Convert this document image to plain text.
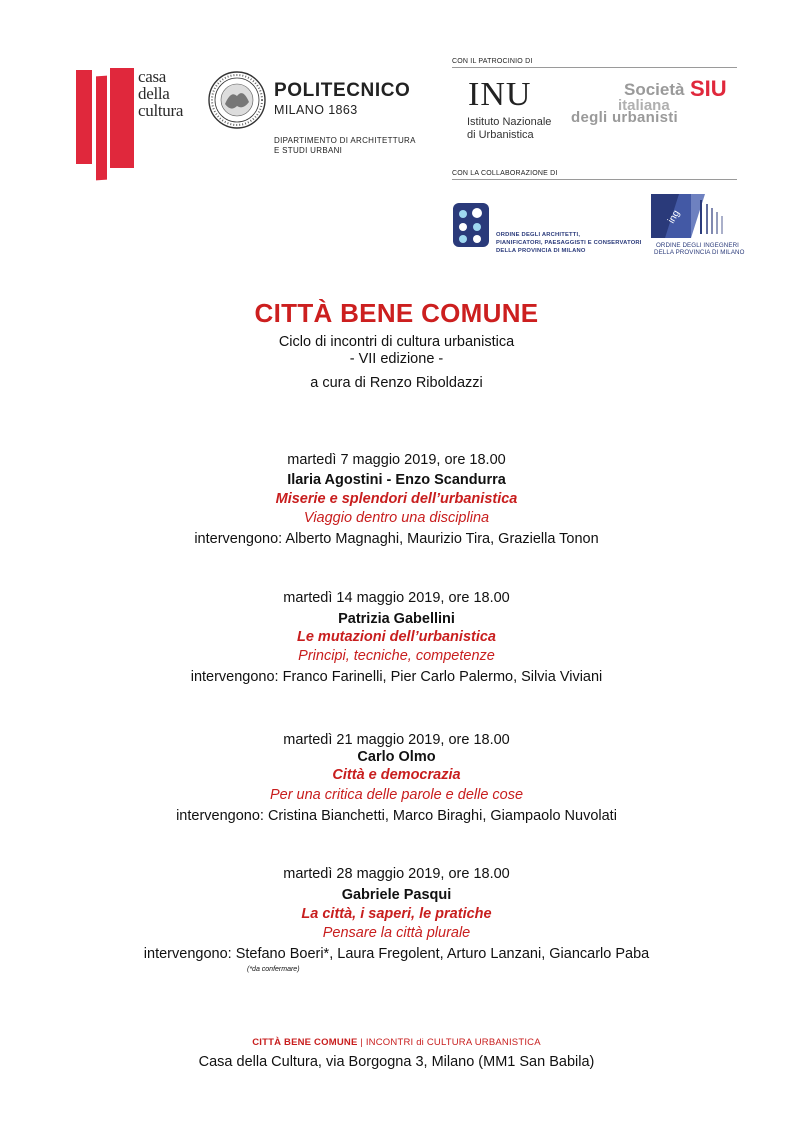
casa
della
cultura
POLITECNICO
MILANO 1863
DIPARTIMENTO DI ARCHITETTURA
E STUDI URBANI
CON IL PATROCINIO DI
INU
Istituto Nazionale
di Urbanistica
Società SIU
italiana
degli urbanisti
CON LA COLLABORAZIONE DI
ORDINE DEGLI ARCHITETTI,
PIANIFICATORI, PAESAGGISTI E CONSERVATORI
DELLA PROVINCIA DI MILANO
ing
ORDINE DEGLI INGEGNERI
DELLA PROVINCIA DI MILANO
CITTÀ BENE COMUNE
Ciclo di incontri di cultura urbanistica
- VII edizione -
a cura di Renzo Riboldazzi
martedì 7 maggio 2019, ore 18.00
Ilaria Agostini - Enzo Scandurra
Miserie e splendori dell’urbanistica
Viaggio dentro una disciplina
intervengono: Alberto Magnaghi, Maurizio Tira, Graziella Tonon
martedì 14 maggio 2019, ore 18.00
Patrizia Gabellini
Le mutazioni dell’urbanistica
Principi, tecniche, competenze
intervengono: Franco Farinelli, Pier Carlo Palermo, Silvia Viviani
martedì 21 maggio 2019, ore 18.00
Carlo Olmo
Città e democrazia
Per una critica delle parole e delle cose
intervengono: Cristina Bianchetti, Marco Biraghi, Giampaolo Nuvolati
martedì 28 maggio 2019, ore 18.00
Gabriele Pasqui
La città, i saperi, le pratiche
Pensare la città plurale
intervengono: Stefano Boeri*, Laura Fregolent, Arturo Lanzani, Giancarlo Paba
(*da confermare)
CITTÀ BENE COMUNE | INCONTRI di CULTURA URBANISTICA
Casa della Cultura, via Borgogna 3, Milano (MM1 San Babila)
